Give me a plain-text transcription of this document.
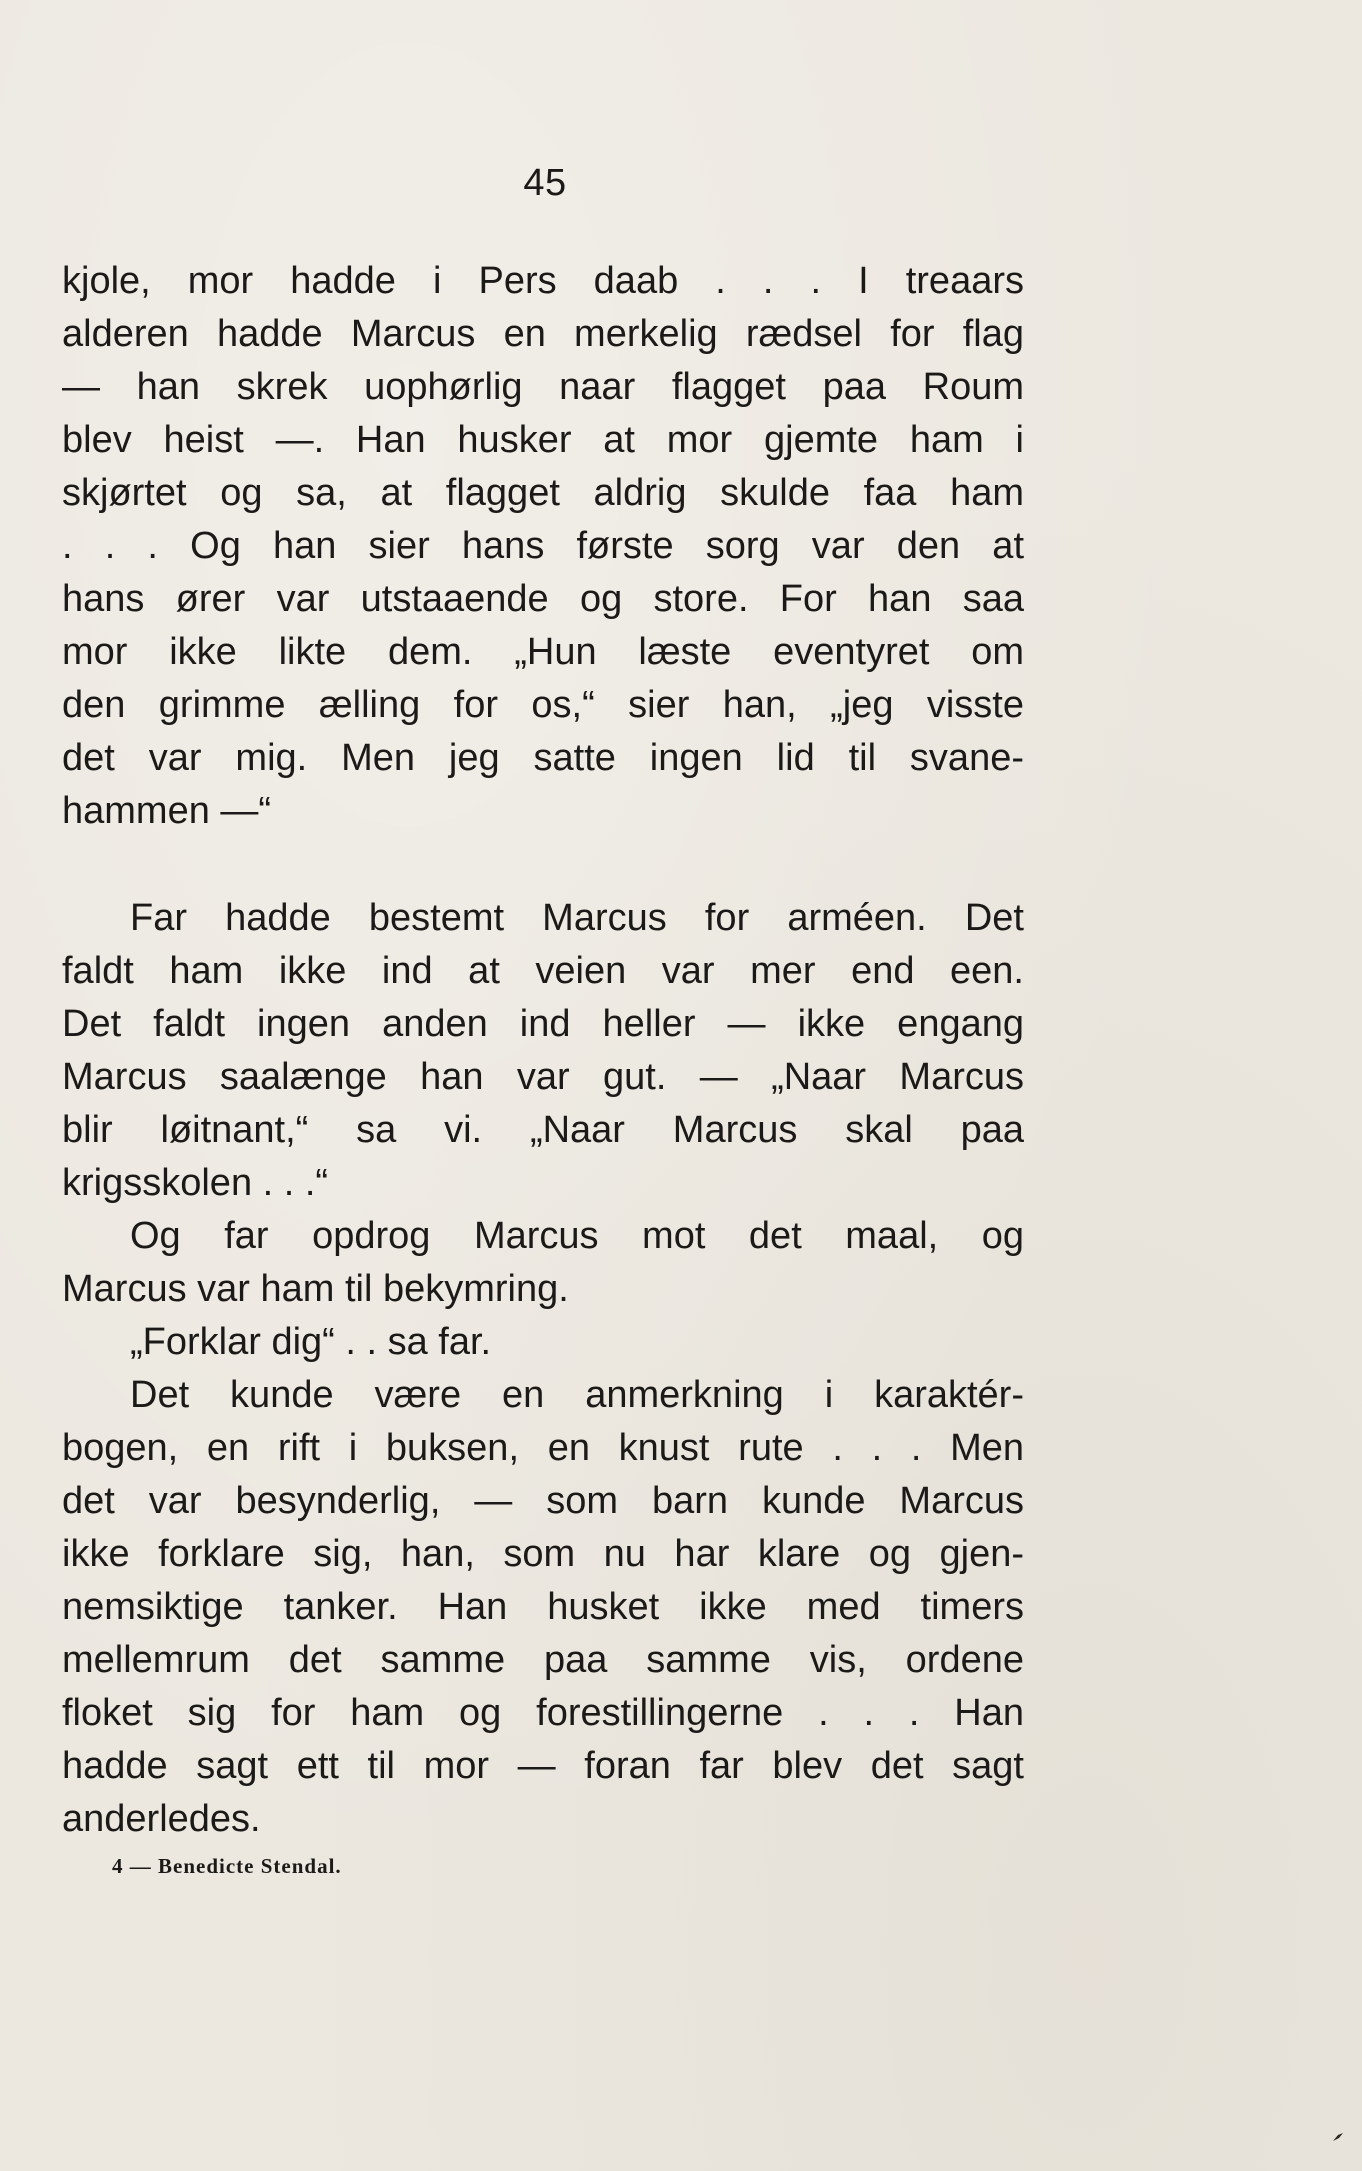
45
kjole, mor hadde i Pers daab . . . I treaars
alderen hadde Marcus en merkelig rædsel for flag
— han skrek uophørlig naar flagget paa Roum
blev heist —. Han husker at mor gjemte ham i
skjørtet og sa, at flagget aldrig skulde faa ham
. . . Og han sier hans første sorg var den at
hans ører var utstaaende og store. For han saa
mor ikke likte dem. „Hun læste eventyret om
den grimme ælling for os,“ sier han, „jeg visste
det var mig. Men jeg satte ingen lid til svane-
hammen —“
Far hadde bestemt Marcus for arméen. Det
faldt ham ikke ind at veien var mer end een.
Det faldt ingen anden ind heller — ikke engang
Marcus saalænge han var gut. — „Naar Marcus
blir løitnant,“ sa vi. „Naar Marcus skal paa
krigsskolen . . .“
Og far opdrog Marcus mot det maal, og
Marcus var ham til bekymring.
„Forklar dig“ . . sa far.
Det kunde være en anmerkning i karaktér-
bogen, en rift i buksen, en knust rute . . . Men
det var besynderlig, — som barn kunde Marcus
ikke forklare sig, han, som nu har klare og gjen-
nemsiktige tanker. Han husket ikke med timers
mellemrum det samme paa samme vis, ordene
floket sig for ham og forestillingerne . . . Han
hadde sagt ett til mor — foran far blev det sagt
anderledes.
4 — Benedicte Stendal.
